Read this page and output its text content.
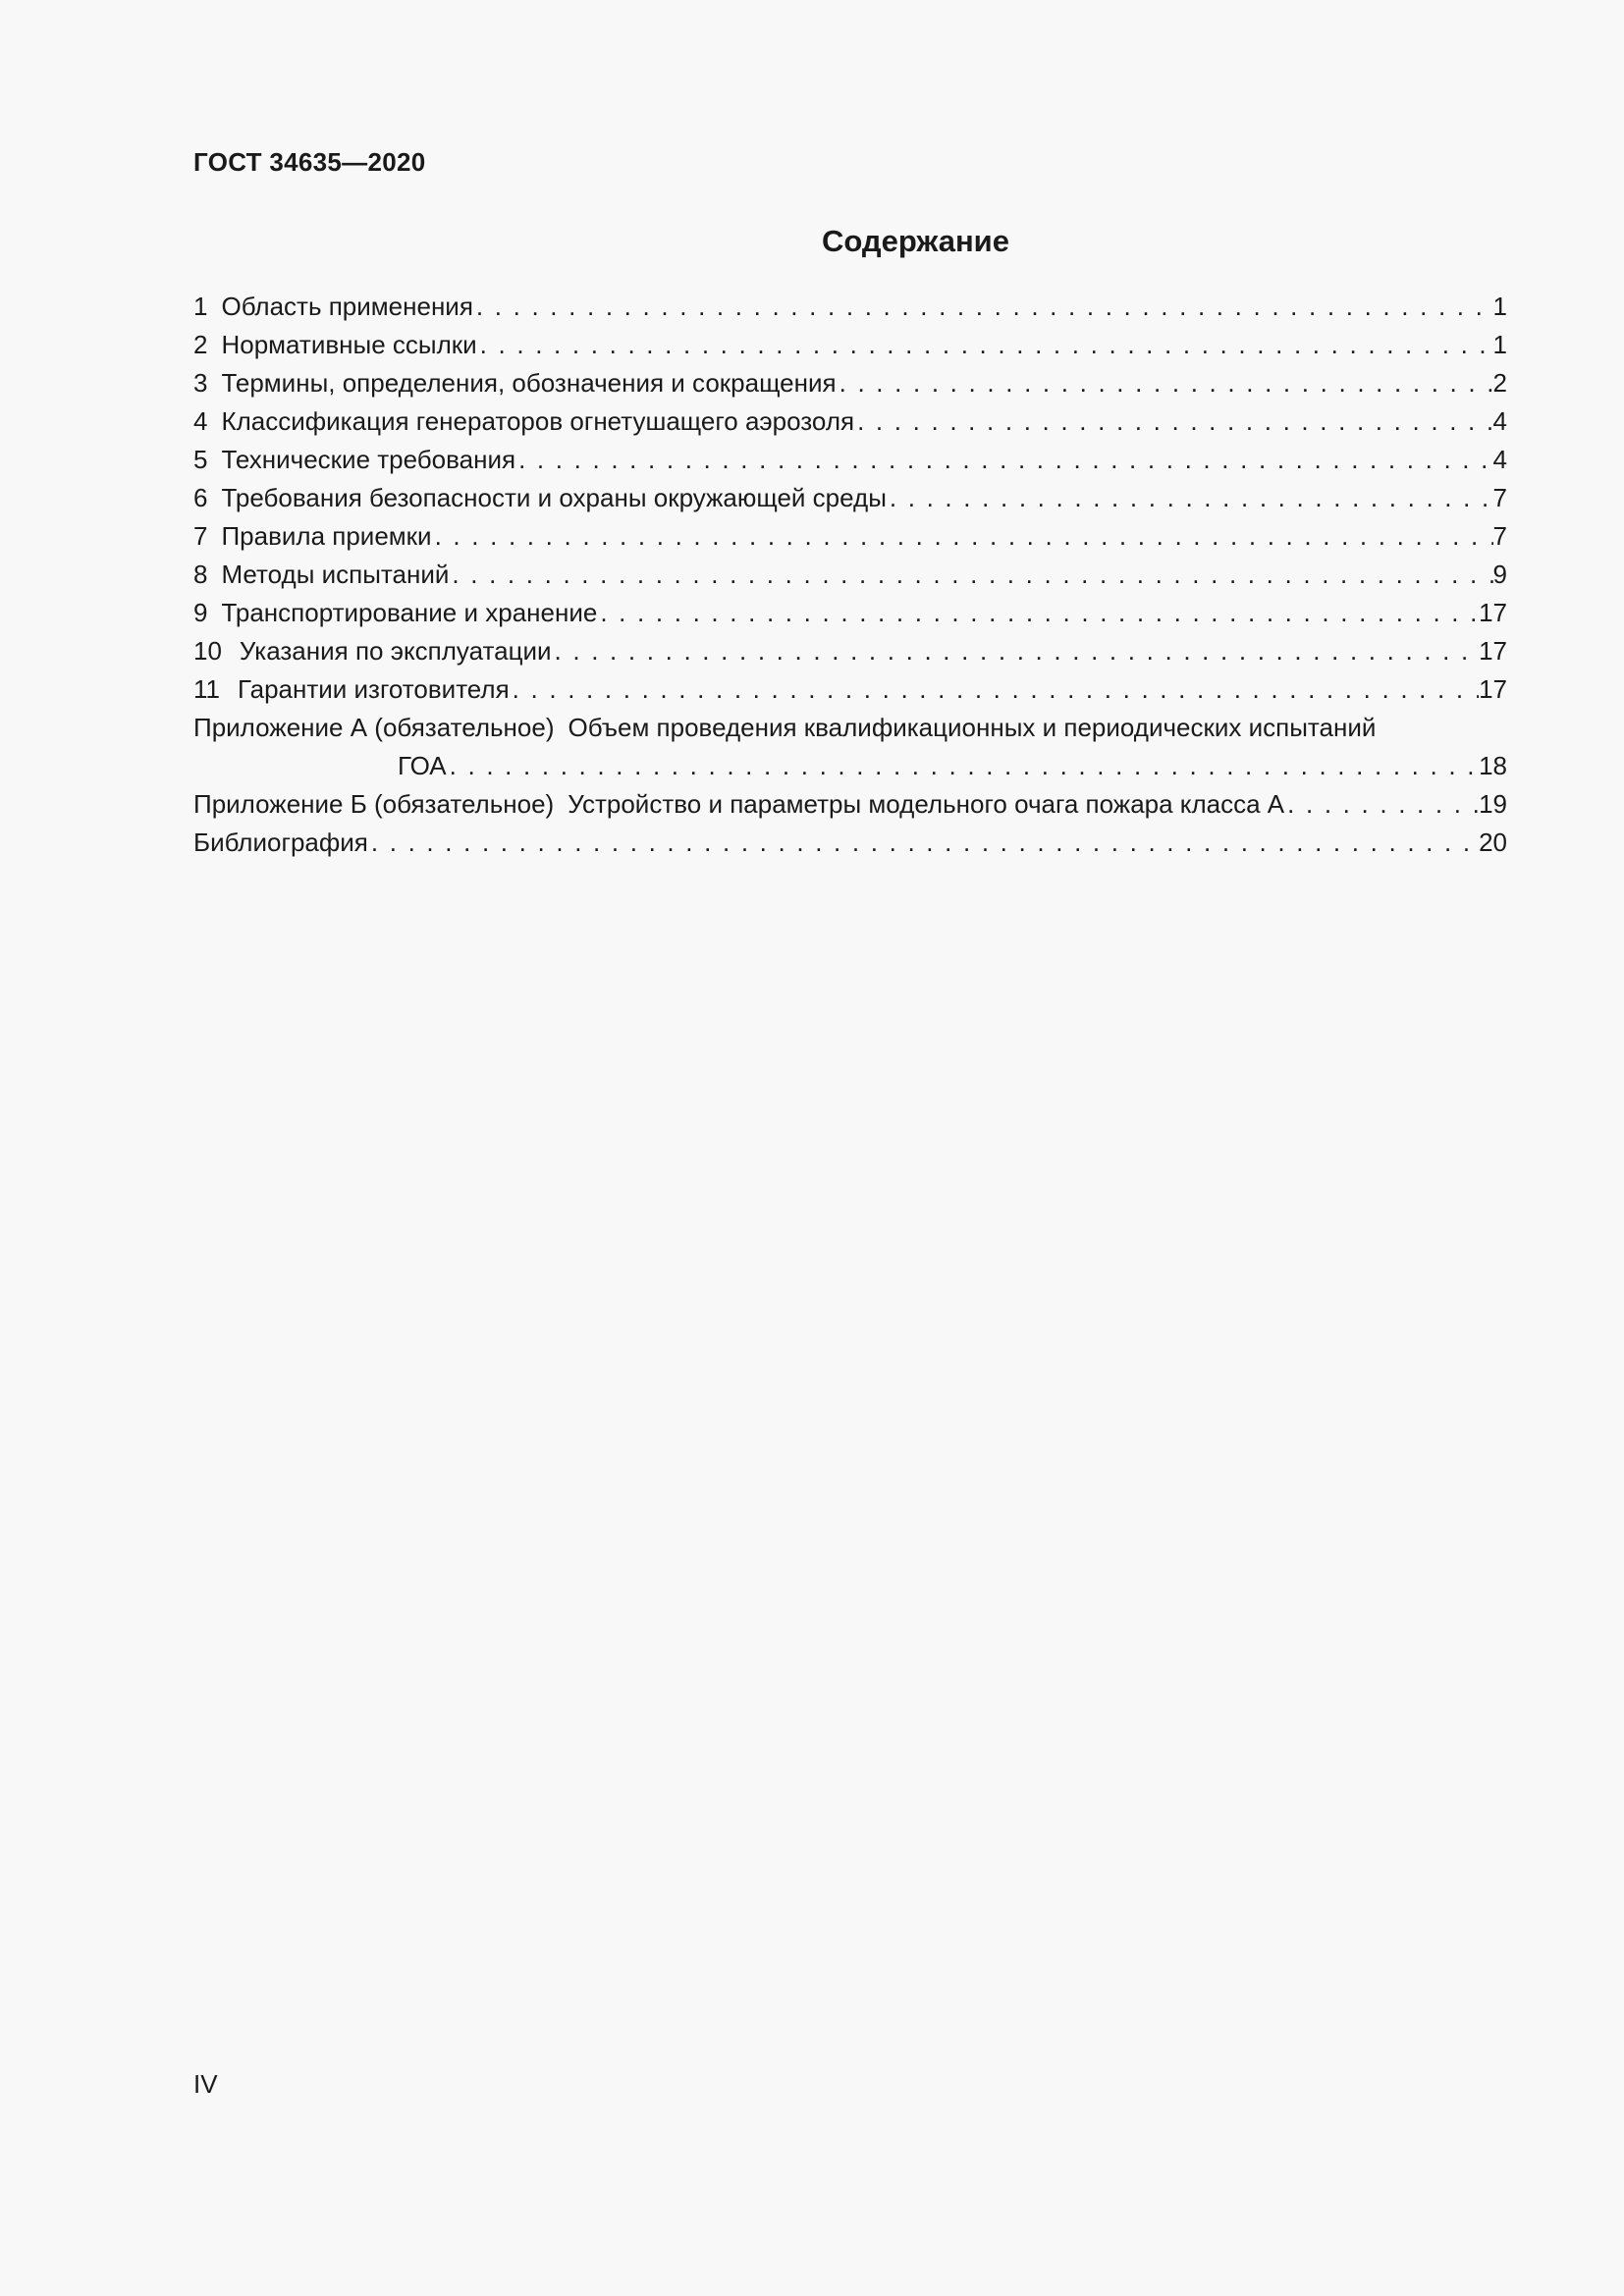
ГОСТ 34635—2020
Содержание
1 Область применения . . .	1
2 Нормативные ссылки . . .	1
3 Термины, определения, обозначения и сокращения . . .	2
4 Классификация генераторов огнетушащего аэрозоля . . .	4
5 Технические требования . . .	4
6 Требования безопасности и охраны окружающей среды . . .	7
7 Правила приемки . . .	7
8 Методы испытаний . . .	9
9 Транспортирование и хранение . . .	17
10 Указания по эксплуатации . . .	17
11 Гарантии изготовителя . . .	17
Приложение А (обязательное) Объем проведения квалификационных и периодических испытаний
ГОА . . .	18
Приложение Б (обязательное) Устройство и параметры модельного очага пожара класса А . . .	19
Библиография . . .	20
IV
